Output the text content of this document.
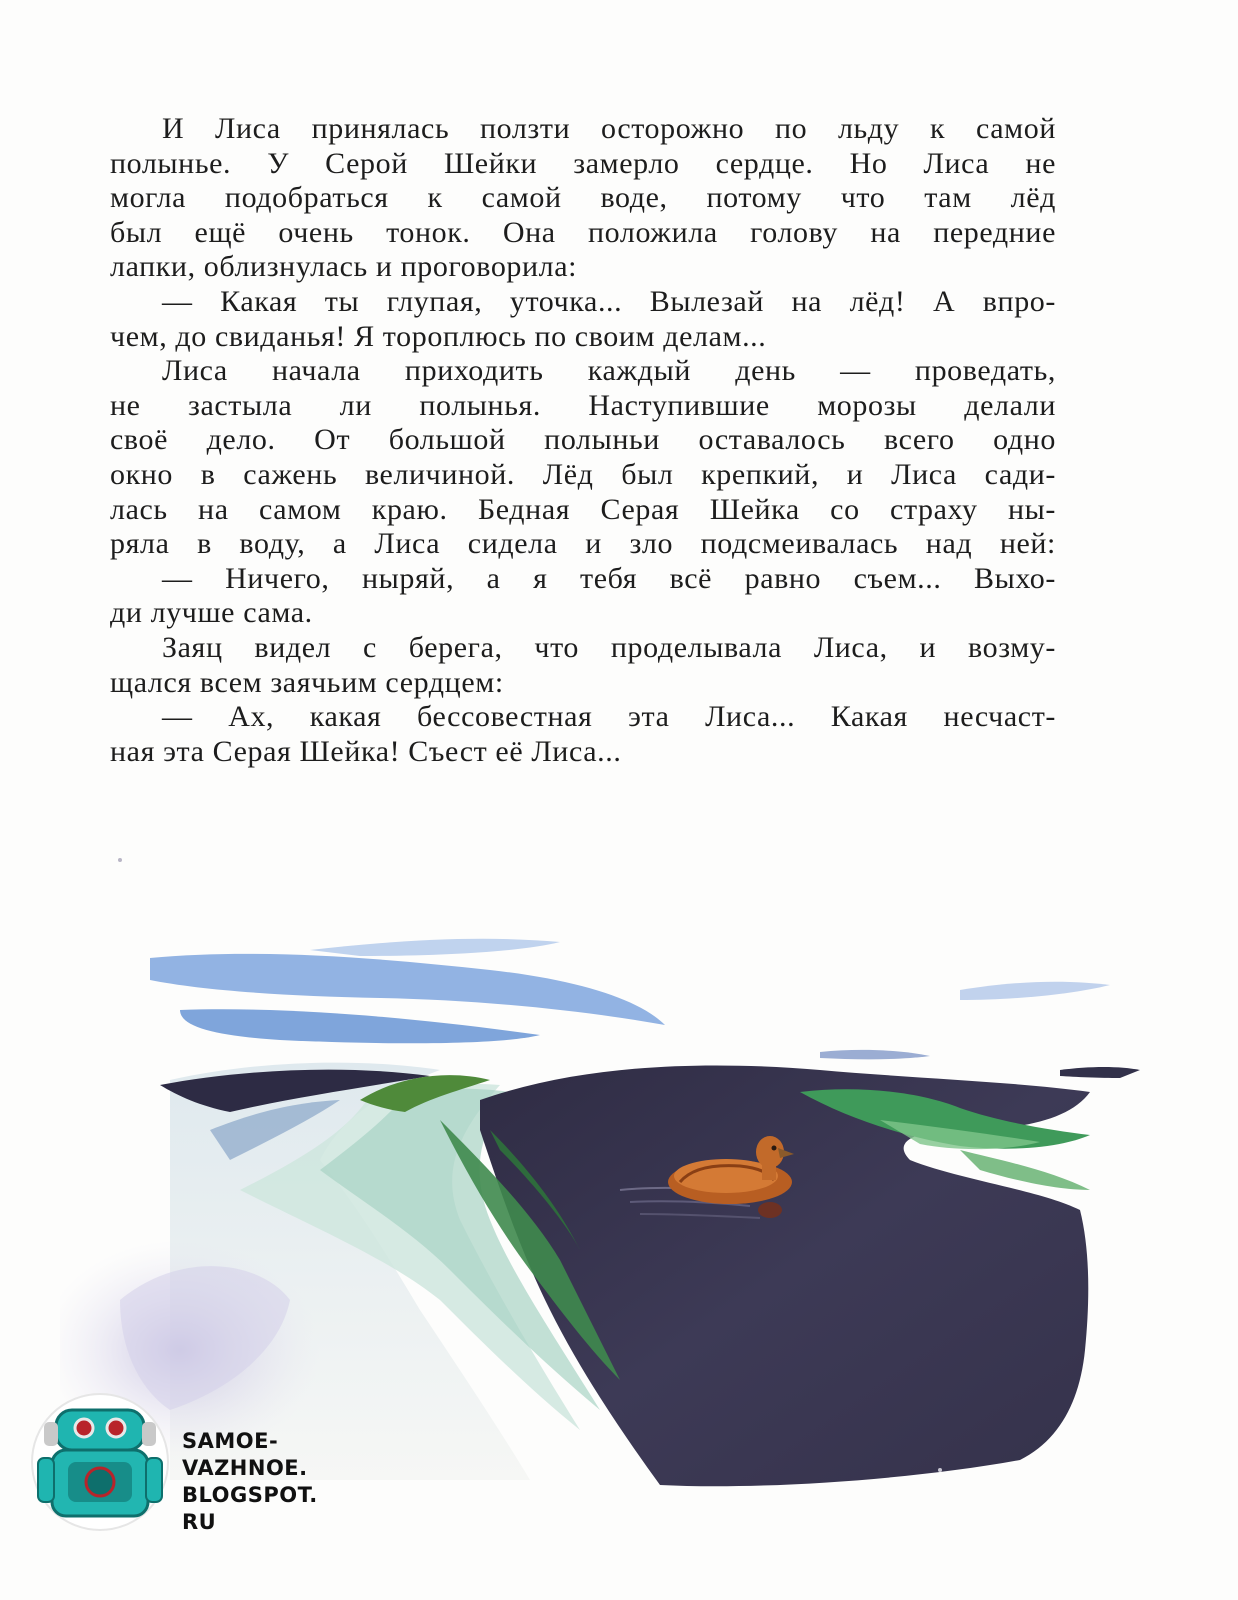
И Лиса принялась ползти осторожно по льду к самой
полынье. У Серой Шейки замерло сердце. Но Лиса не
могла подобраться к самой воде, потому что там лёд
был ещё очень тонок. Она положила голову на передние
лапки, облизнулась и проговорила:
— Какая ты глупая, уточка... Вылезай на лёд! А впро-
чем, до свиданья! Я тороплюсь по своим делам...
Лиса начала приходить каждый день — проведать,
не застыла ли полынья. Наступившие морозы делали
своё дело. От большой полыньи оставалось всего одно
окно в сажень величиной. Лёд был крепкий, и Лиса сади-
лась на самом краю. Бедная Серая Шейка со страху ны-
ряла в воду, а Лиса сидела и зло подсмеивалась над ней:
— Ничего, ныряй, а я тебя всё равно съем... Выхо-
ди лучше сама.
Заяц видел с берега, что проделывала Лиса, и возму-
щался всем заячьим сердцем:
— Ах, какая бессовестная эта Лиса... Какая несчаст-
ная эта Серая Шейка! Съест её Лиса...
SAMOE-VAZHNOE.
BLOGSPOT.
RU
